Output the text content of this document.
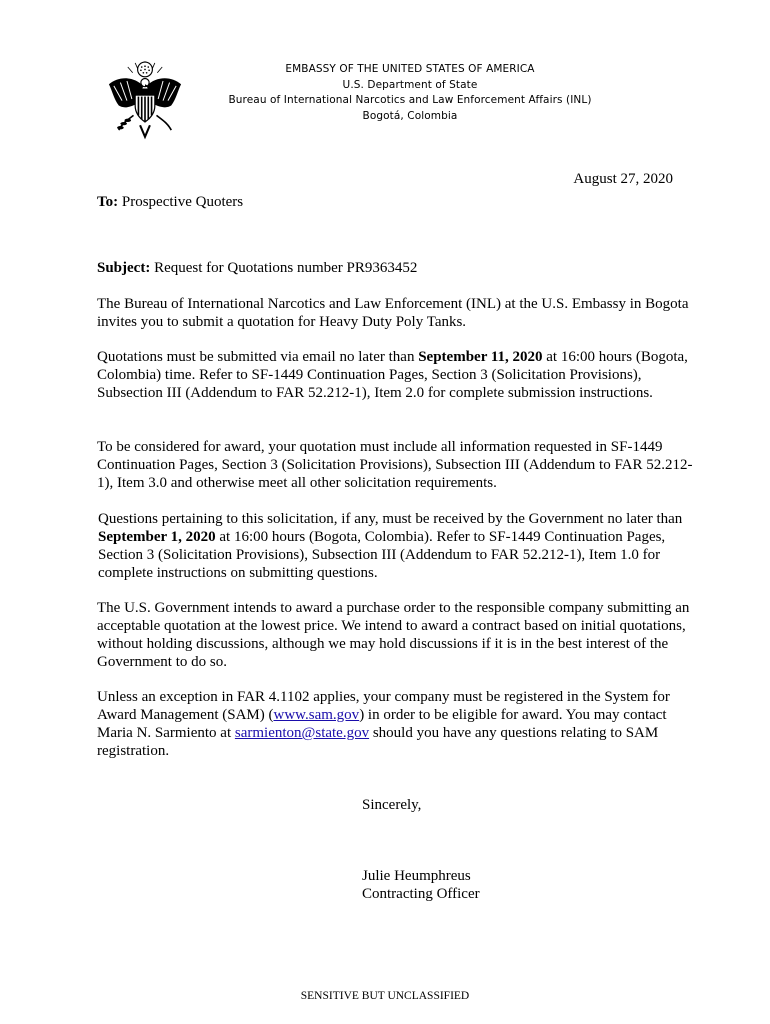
EMBASSY OF THE UNITED STATES OF AMERICA
U.S. Department of State
Bureau of International Narcotics and Law Enforcement Affairs (INL)
Bogotá, Colombia
August 27, 2020
To: Prospective Quoters
Subject: Request for Quotations number PR9363452

The Bureau of International Narcotics and Law Enforcement (INL) at the U.S. Embassy in Bogota invites you to submit a quotation for Heavy Duty Poly Tanks.

Quotations must be submitted via email no later than September 11, 2020 at 16:00 hours (Bogota, Colombia) time. Refer to SF-1449 Continuation Pages, Section 3 (Solicitation Provisions), Subsection III (Addendum to FAR 52.212-1), Item 2.0 for complete submission instructions.

To be considered for award, your quotation must include all information requested in SF-1449 Continuation Pages, Section 3 (Solicitation Provisions), Subsection III (Addendum to FAR 52.212-1), Item 3.0 and otherwise meet all other solicitation requirements.

Questions pertaining to this solicitation, if any, must be received by the Government no later than September 1, 2020 at 16:00 hours (Bogota, Colombia). Refer to SF-1449 Continuation Pages, Section 3 (Solicitation Provisions), Subsection III (Addendum to FAR 52.212-1), Item 1.0 for complete instructions on submitting questions.

The U.S. Government intends to award a purchase order to the responsible company submitting an acceptable quotation at the lowest price. We intend to award a contract based on initial quotations, without holding discussions, although we may hold discussions if it is in the best interest of the Government to do so.

Unless an exception in FAR 4.1102 applies, your company must be registered in the System for Award Management (SAM) (www.sam.gov) in order to be eligible for award. You may contact Maria N. Sarmiento at sarmienton@state.gov should you have any questions relating to SAM registration.

Sincerely,
Julie Heumphreus
Contracting Officer
SENSITIVE BUT UNCLASSIFIED
